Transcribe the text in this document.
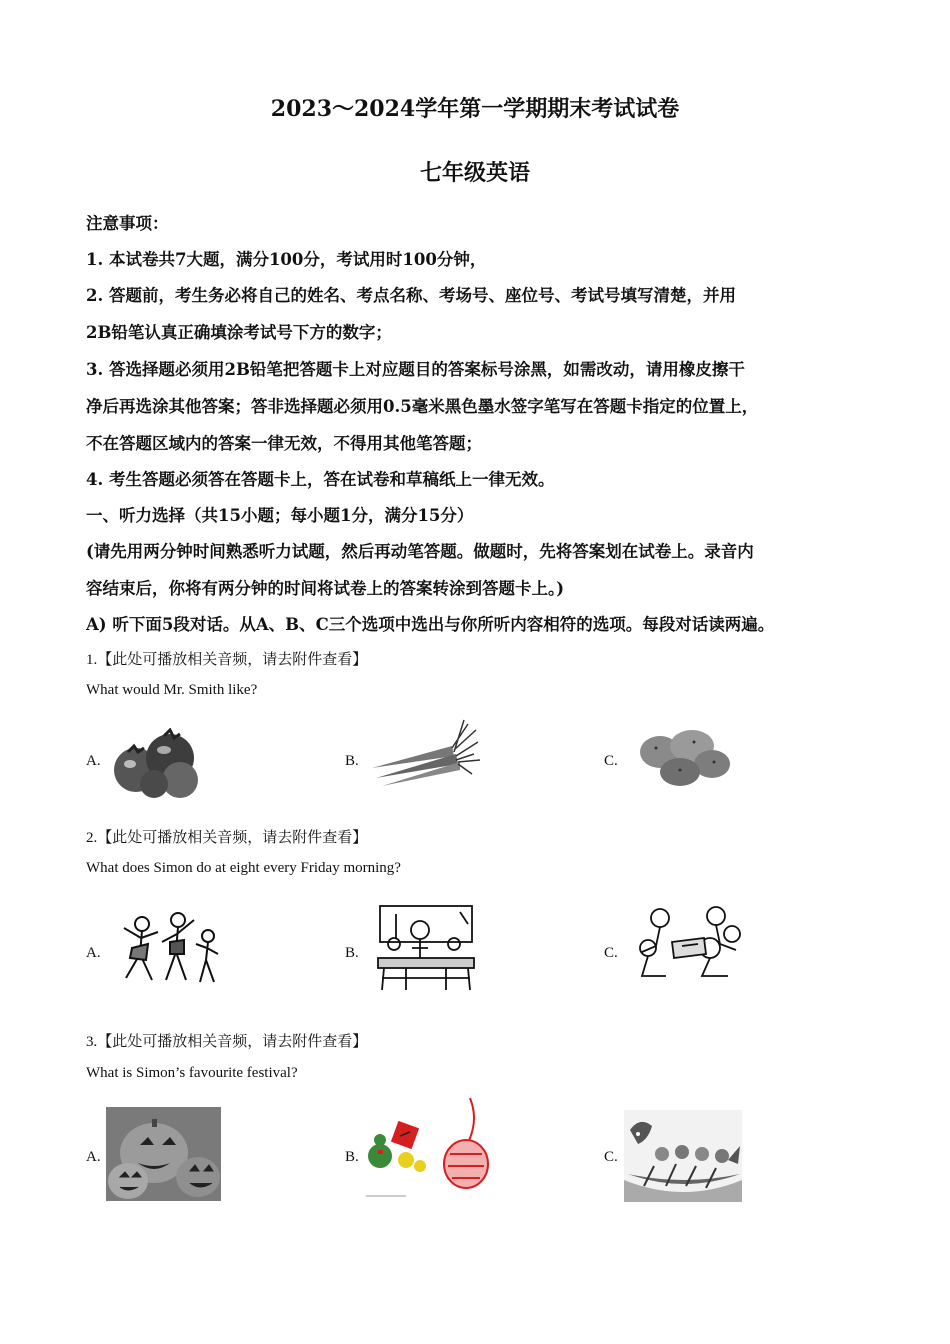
2023～2024学年第一学期期末考试试卷
七年级英语
注意事项：
1. 本试卷共7大题，满分100分，考试用时100分钟，
2. 答题前，考生务必将自己的姓名、考点名称、考场号、座位号、考试号填写清楚，并用
2B铅笔认真正确填涂考试号下方的数字；
3. 答选择题必须用2B铅笔把答题卡上对应题目的答案标号涂黑，如需改动，请用橡皮擦干
净后再选涂其他答案；答非选择题必须用0.5毫米黑色墨水签字笔写在答题卡指定的位置上，
不在答题区域内的答案一律无效，不得用其他笔答题；
4. 考生答题必须答在答题卡上，答在试卷和草稿纸上一律无效。
一、听力选择（共15小题；每小题1分，满分15分）
(请先用两分钟时间熟悉听力试题，然后再动笔答题。做题时，先将答案划在试卷上。录音内
容结束后，你将有两分钟的时间将试卷上的答案转涂到答题卡上。)
A) 听下面5段对话。从A、B、C三个选项中选出与你所听内容相符的选项。每段对话读两遍。
1.【此处可播放相关音频，请去附件查看】
What would Mr. Smith like?
A.	B.	C.
2.【此处可播放相关音频，请去附件查看】
What does Simon do at eight every Friday morning?
A.	B.	C.
3.【此处可播放相关音频，请去附件查看】
What is Simon’s favourite festival?
A.	B.	C.
